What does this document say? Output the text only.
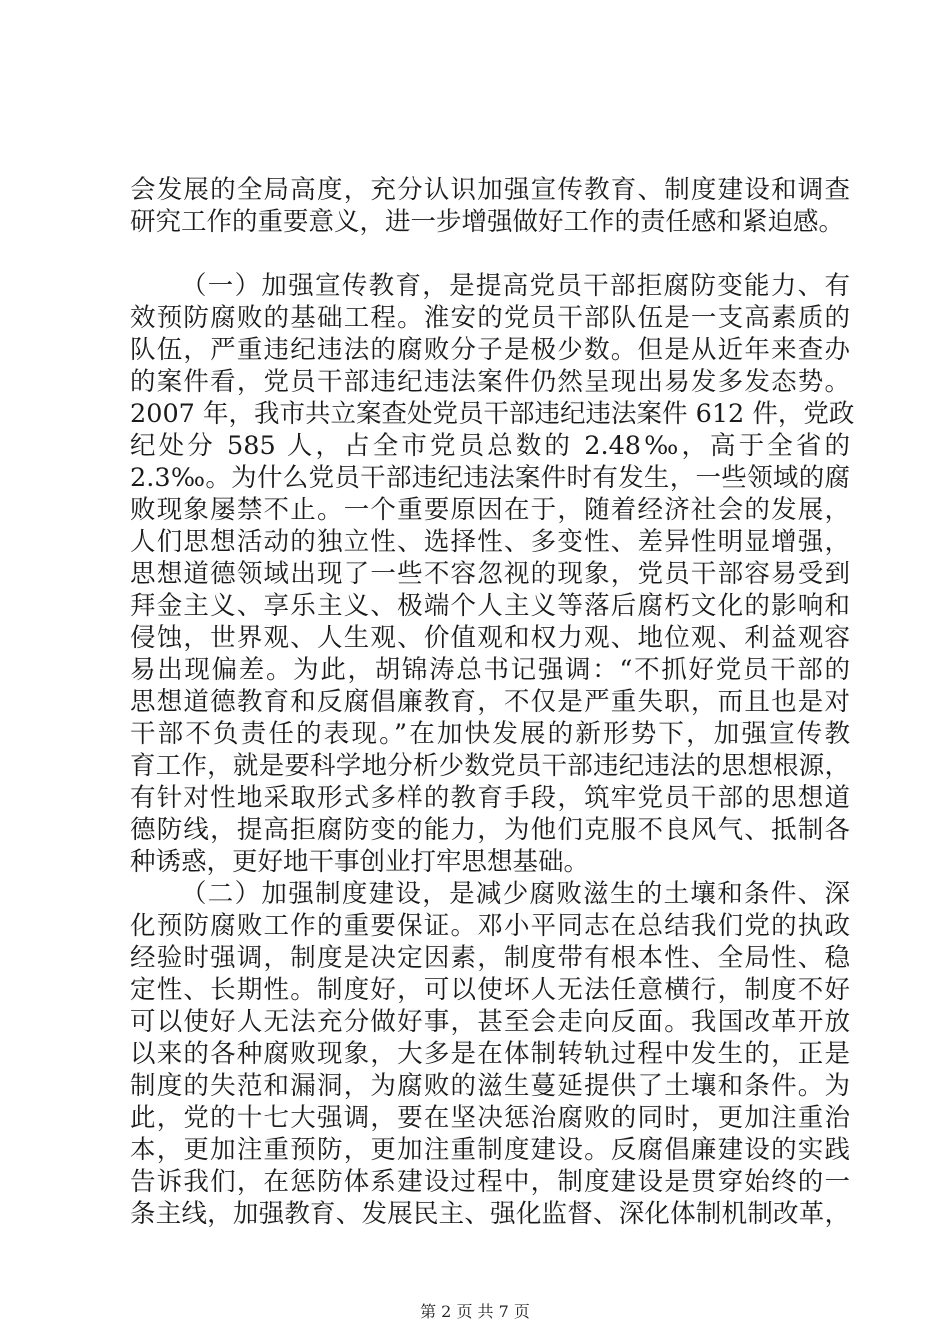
会发展的全局高度，充分认识加强宣传教育、制度建设和调查
研究工作的重要意义，进一步增强做好工作的责任感和紧迫感。
（一）加强宣传教育，是提高党员干部拒腐防变能力、有
效预防腐败的基础工程。淮安的党员干部队伍是一支高素质的
队伍，严重违纪违法的腐败分子是极少数。但是从近年来查办
的案件看，党员干部违纪违法案件仍然呈现出易发多发态势。
2007 年，我市共立案查处党员干部违纪违法案件 612 件，党政
纪处分 585 人，占全市党员总数的 2.48‰，高于全省的
2.3‰。为什么党员干部违纪违法案件时有发生，一些领域的腐
败现象屡禁不止。一个重要原因在于，随着经济社会的发展，
人们思想活动的独立性、选择性、多变性、差异性明显增强，
思想道德领域出现了一些不容忽视的现象，党员干部容易受到
拜金主义、享乐主义、极端个人主义等落后腐朽文化的影响和
侵蚀，世界观、人生观、价值观和权力观、地位观、利益观容
易出现偏差。为此，胡锦涛总书记强调：“不抓好党员干部的
思想道德教育和反腐倡廉教育，不仅是严重失职，而且也是对
干部不负责任的表现。”在加快发展的新形势下，加强宣传教
育工作，就是要科学地分析少数党员干部违纪违法的思想根源，
有针对性地采取形式多样的教育手段，筑牢党员干部的思想道
德防线，提高拒腐防变的能力，为他们克服不良风气、抵制各
种诱惑，更好地干事创业打牢思想基础。
（二）加强制度建设，是减少腐败滋生的土壤和条件、深
化预防腐败工作的重要保证。邓小平同志在总结我们党的执政
经验时强调，制度是决定因素，制度带有根本性、全局性、稳
定性、长期性。制度好，可以使坏人无法任意横行，制度不好
可以使好人无法充分做好事，甚至会走向反面。我国改革开放
以来的各种腐败现象，大多是在体制转轨过程中发生的，正是
制度的失范和漏洞，为腐败的滋生蔓延提供了土壤和条件。为
此，党的十七大强调，要在坚决惩治腐败的同时，更加注重治
本，更加注重预防，更加注重制度建设。反腐倡廉建设的实践
告诉我们，在惩防体系建设过程中，制度建设是贯穿始终的一
条主线，加强教育、发展民主、强化监督、深化体制机制改革，
第 2 页 共 7 页
